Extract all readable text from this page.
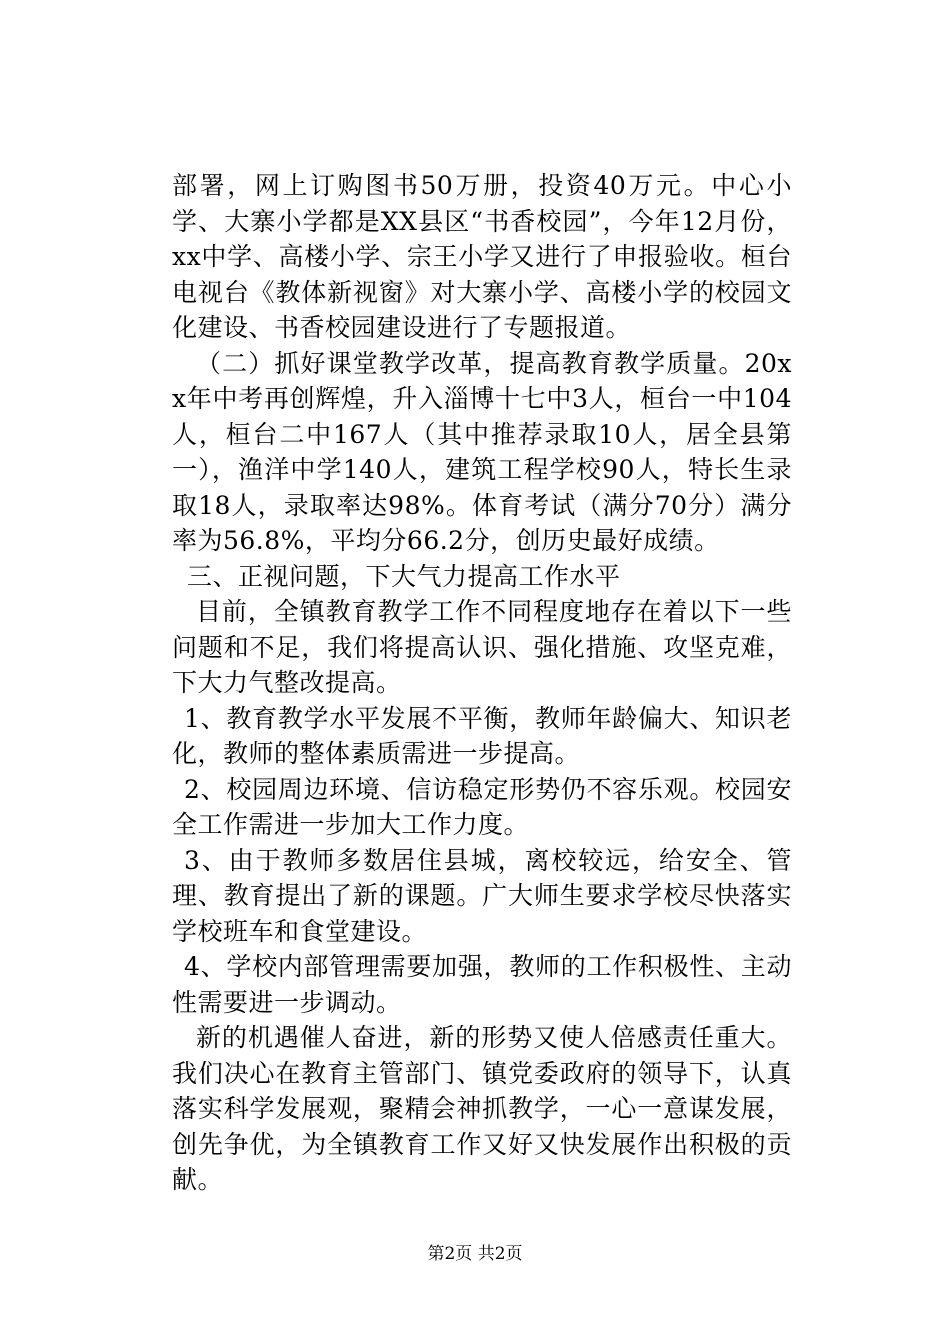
部署，网上订购图书50万册，投资40万元。中心小学、大寨小学都是XX县区“书香校园”，今年12月份，xx中学、高楼小学、宗王小学又进行了申报验收。桓台电视台《教体新视窗》对大寨小学、高楼小学的校园文化建设、书香校园建设进行了专题报道。

（二）抓好课堂教学改革，提高教育教学质量。20xx年中考再创辉煌，升入淄博十七中3人，桓台一中104人，桓台二中167人（其中推荐录取10人，居全县第一），渔洋中学140人，建筑工程学校90人，特长生录取18人，录取率达98%。体育考试（满分70分）满分率为56.8%，平均分66.2分，创历史最好成绩。

三、正视问题，下大气力提高工作水平

目前，全镇教育教学工作不同程度地存在着以下一些问题和不足，我们将提高认识、强化措施、攻坚克难，下大力气整改提高。

1、教育教学水平发展不平衡，教师年龄偏大、知识老化，教师的整体素质需进一步提高。

2、校园周边环境、信访稳定形势仍不容乐观。校园安全工作需进一步加大工作力度。

3、由于教师多数居住县城，离校较远，给安全、管理、教育提出了新的课题。广大师生要求学校尽快落实学校班车和食堂建设。

4、学校内部管理需要加强，教师的工作积极性、主动性需要进一步调动。

新的机遇催人奋进，新的形势又使人倍感责任重大。我们决心在教育主管部门、镇党委政府的领导下，认真落实科学发展观，聚精会神抓教学，一心一意谋发展，创先争优，为全镇教育工作又好又快发展作出积极的贡献。

第2页 共2页
